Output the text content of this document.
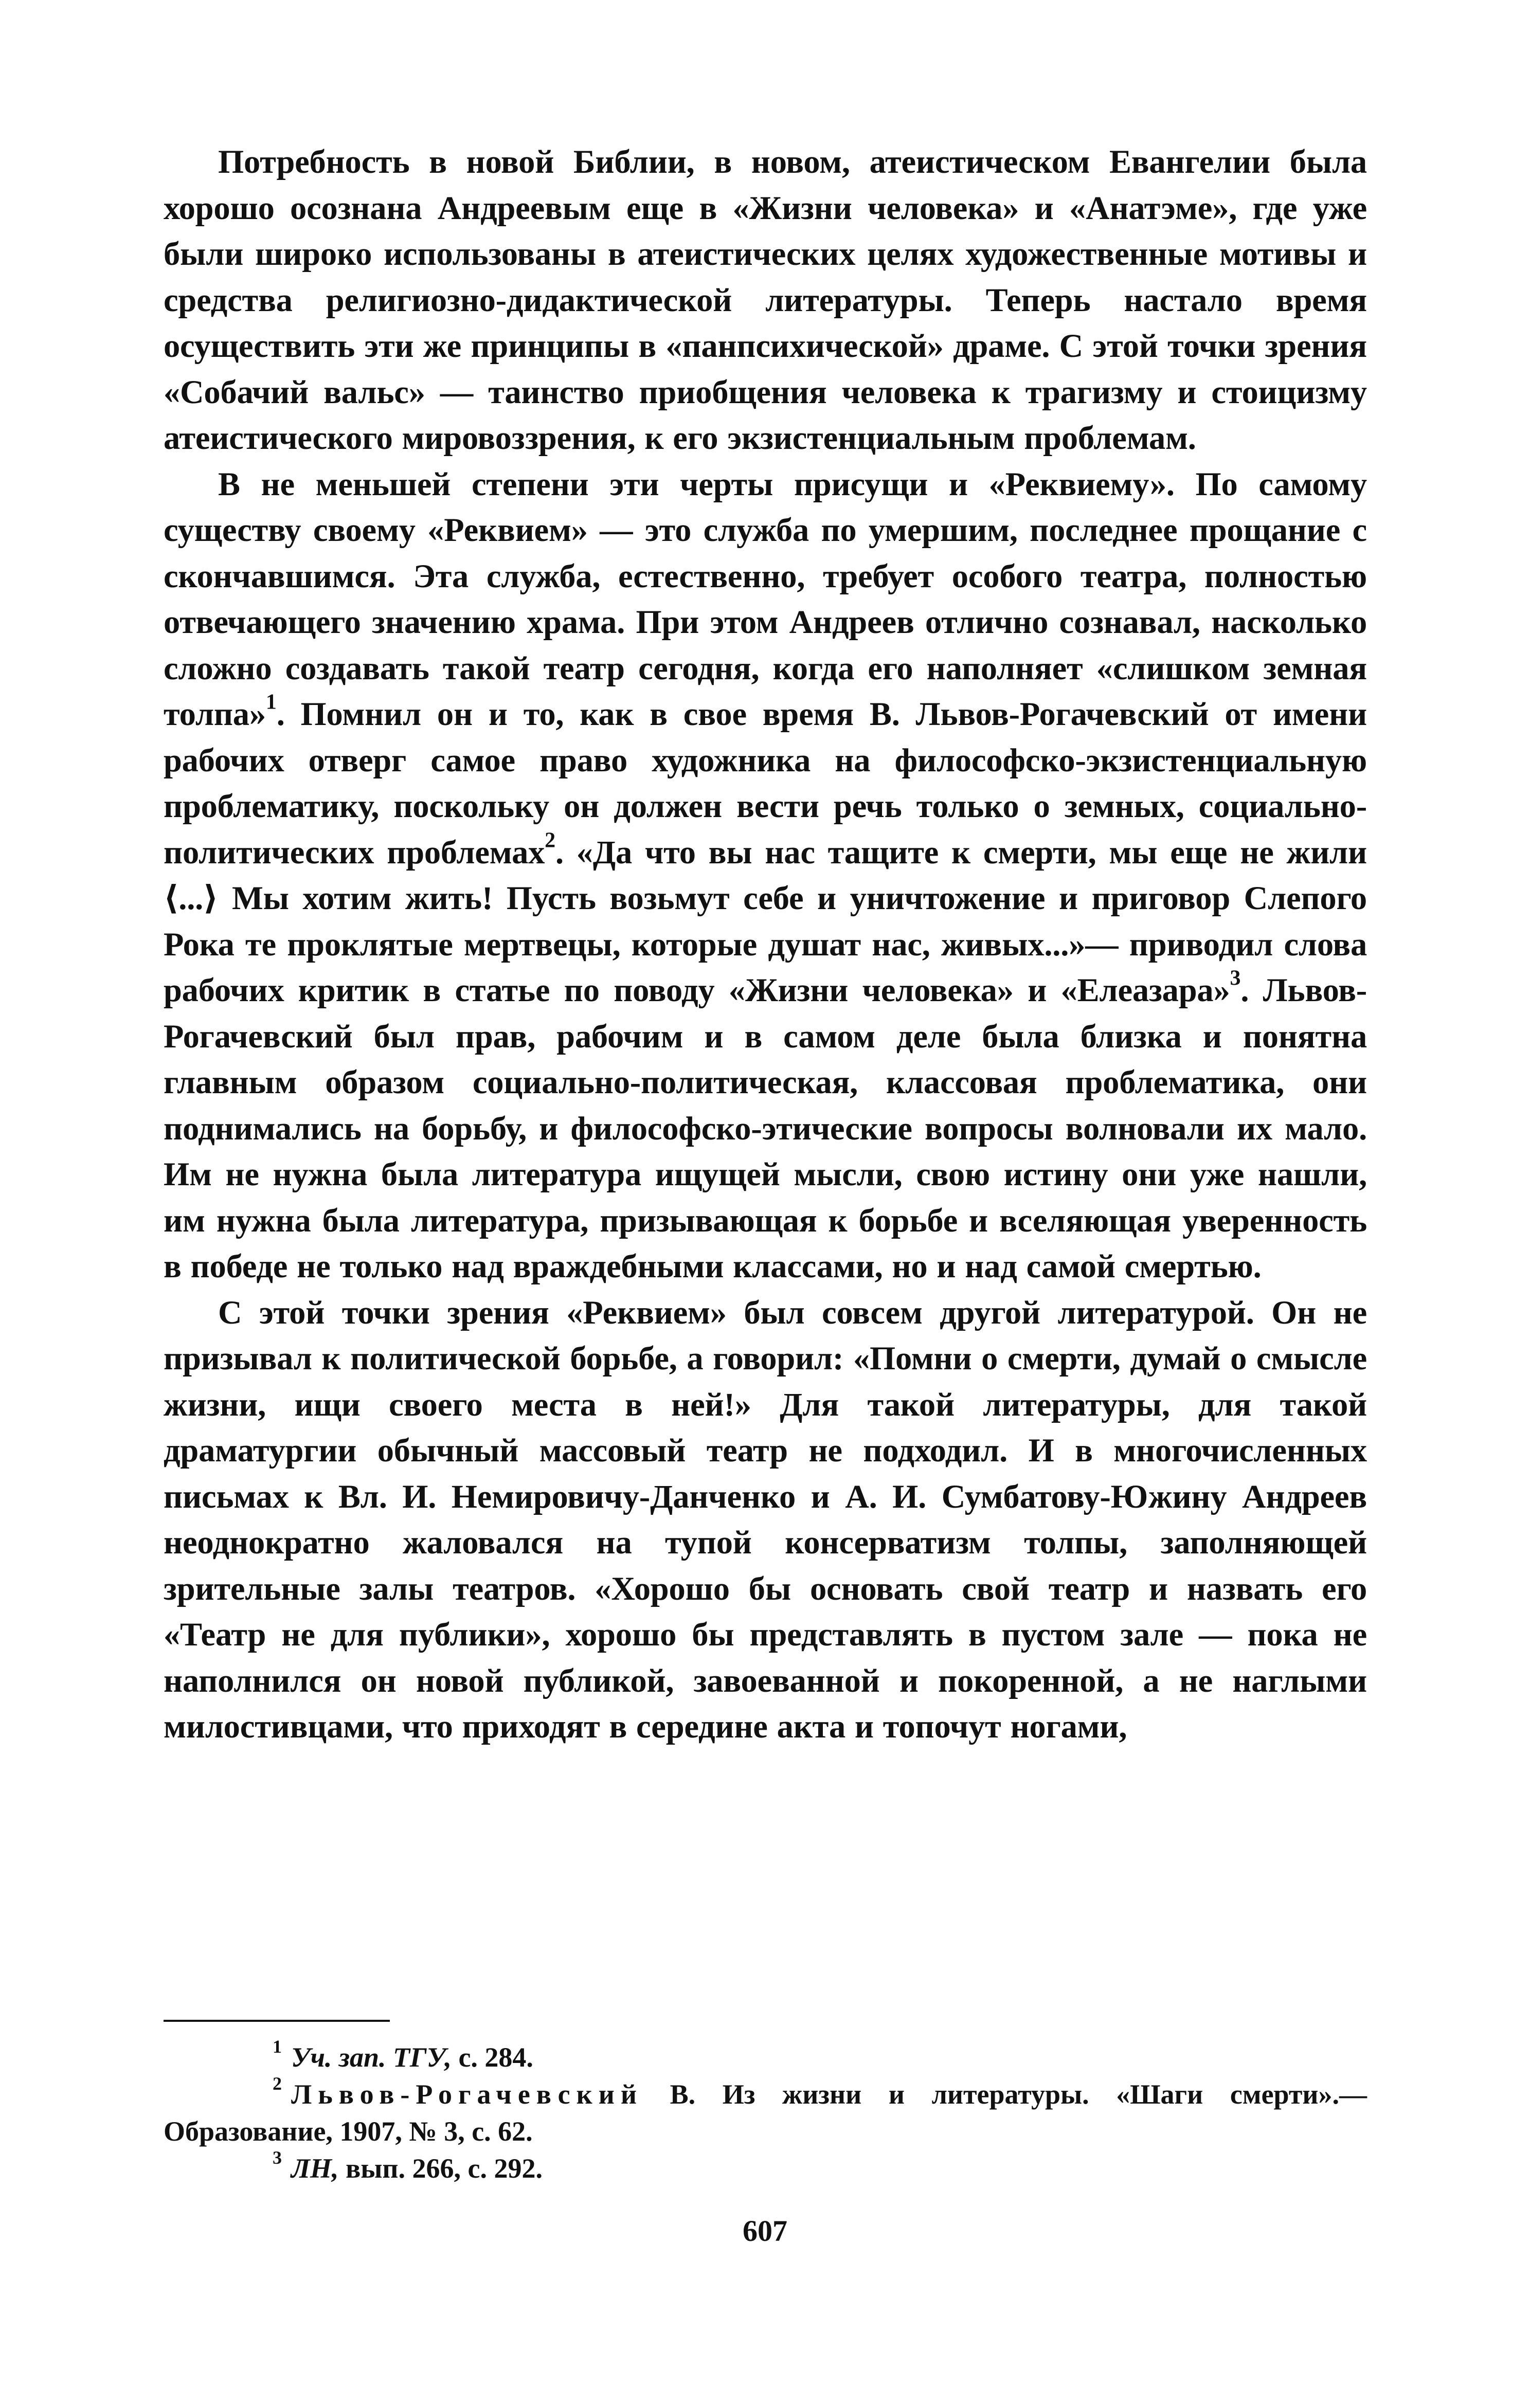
Потребность в новой Библии, в новом, атеистическом Евангелии была хорошо осознана Андреевым еще в «Жизни человека» и «Анатэме», где уже были широко использованы в атеистических целях художественные мотивы и средства религиозно-дидактической литературы. Теперь настало время осуществить эти же принципы в «панпсихической» драме. С этой точки зрения «Собачий вальс» — таинство приобщения человека к трагизму и стоицизму атеистического мировоззрения, к его экзистенциальным проблемам.

В не меньшей степени эти черты присущи и «Реквиему». По самому существу своему «Реквием» — это служба по умершим, последнее прощание с скончавшимся. Эта служба, естественно, требует особого театра, полностью отвечающего значению храма. При этом Андреев отлично сознавал, насколько сложно создавать такой театр сегодня, когда его наполняет «слишком земная толпа»$^1$. Помнил он и то, как в свое время В. Львов-Рогачевский от имени рабочих отверг самое право художника на философско-экзистенциальную проблематику, поскольку он должен вести речь только о земных, социально-политических проблемах$^2$. «Да что вы нас тащите к смерти, мы еще не жили ⟨...⟩ Мы хотим жить! Пусть возьмут себе и уничтожение и приговор Слепого Рока те проклятые мертвецы, которые душат нас, живых...»— приводил слова рабочих критик в статье по поводу «Жизни человека» и «Елеазара»$^3$. Львов-Рогачевский был прав, рабочим и в самом деле была близка и понятна главным образом социально-политическая, классовая проблематика, они поднимались на борьбу, и философско-этические вопросы волновали их мало. Им не нужна была литература ищущей мысли, свою истину они уже нашли, им нужна была литература, призывающая к борьбе и вселяющая уверенность в победе не только над враждебными классами, но и над самой смертью.

С этой точки зрения «Реквием» был совсем другой литературой. Он не призывал к политической борьбе, а говорил: «Помни о смерти, думай о смысле жизни, ищи своего места в ней!» Для такой литературы, для такой драматургии обычный массовый театр не подходил. И в многочисленных письмах к Вл. И. Немировичу-Данченко и А. И. Сумбатову-Южину Андреев неоднократно жаловался на тупой консерватизм толпы, заполняющей зрительные залы театров. «Хорошо бы основать свой театр и назвать его «Театр не для публики», хорошо бы представлять в пустом зале — пока не наполнился он новой публикой, завоеванной и покоренной, а не наглыми милостивцами, что приходят в середине акта и топочут ногами,

$^1$ Уч. зап. ТГУ, с. 284.

$^2$ Львов-Рогачевский В. Из жизни и литературы. «Шаги смерти».— Образование, 1907, № 3, с. 62.

$^3$ ЛН, вып. 266, с. 292.

607
